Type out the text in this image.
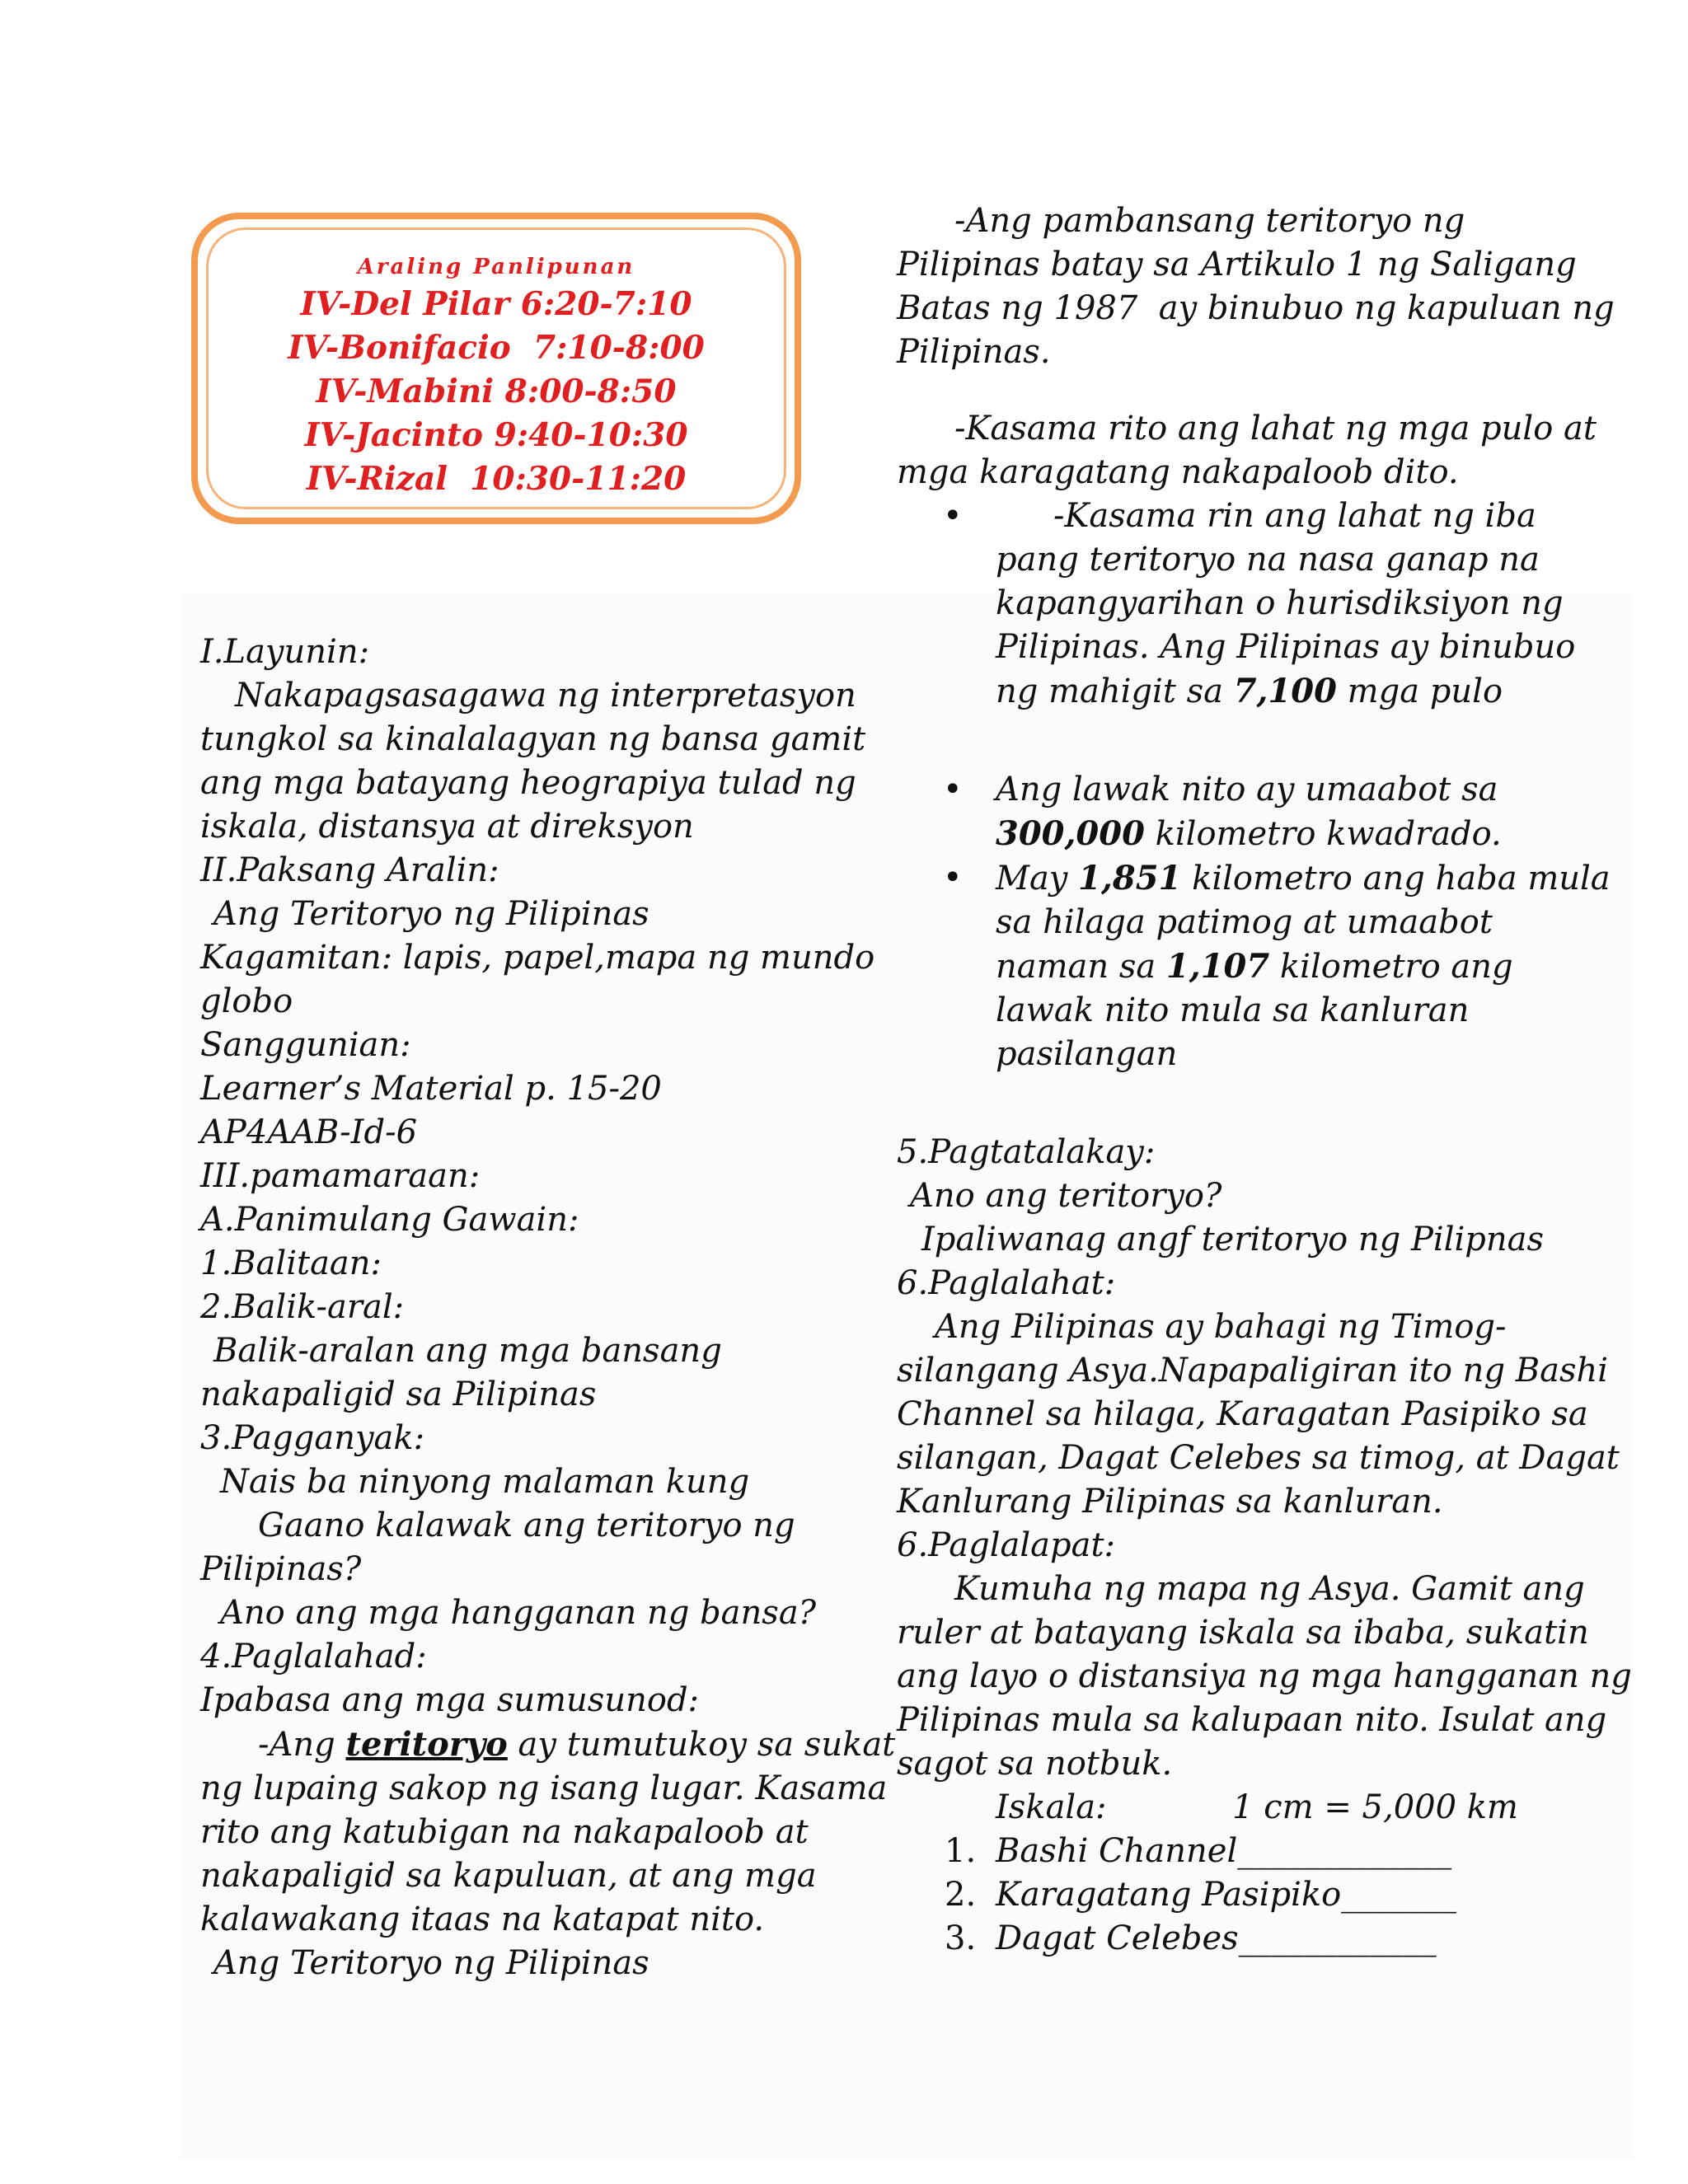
Araling Panlipunan
IV-Del Pilar 6:20-7:10
IV-Bonifacio  7:10-8:00
IV-Mabini 8:00-8:50
IV-Jacinto 9:40-10:30
IV-Rizal  10:30-11:20
I.Layunin:
Nakapagsasagawa ng interpretasyon
tungkol sa kinalalagyan ng bansa gamit
ang mga batayang heograpiya tulad ng
iskala, distansya at direksyon
II.Paksang Aralin:
Ang Teritoryo ng Pilipinas
Kagamitan: lapis, papel,mapa ng mundo
globo
Sanggunian:
Learner’s Material p. 15-20
AP4AAB-Id-6
III.pamamaraan:
A.Panimulang Gawain:
1.Balitaan:
2.Balik-aral:
Balik-aralan ang mga bansang
nakapaligid sa Pilipinas
3.Pagganyak:
Nais ba ninyong malaman kung
Gaano kalawak ang teritoryo ng
Pilipinas?
Ano ang mga hangganan ng bansa?
4.Paglalahad:
Ipabasa ang mga sumusunod:
-Ang teritoryo ay tumutukoy sa sukat
ng lupaing sakop ng isang lugar. Kasama
rito ang katubigan na nakapaloob at
nakapaligid sa kapuluan, at ang mga
kalawakang itaas na katapat nito.
Ang Teritoryo ng Pilipinas
-Ang pambansang teritoryo ng
Pilipinas batay sa Artikulo 1 ng Saligang
Batas ng 1987  ay binubuo ng kapuluan ng
Pilipinas.
-Kasama rito ang lahat ng mga pulo at
mga karagatang nakapaloob dito.
•	-Kasama rin ang lahat ng iba
pang teritoryo na nasa ganap na
kapangyarihan o hurisdiksiyon ng
Pilipinas. Ang Pilipinas ay binubuo
ng mahigit sa 7,100 mga pulo
• Ang lawak nito ay umaabot sa
300,000 kilometro kwadrado.
• May 1,851 kilometro ang haba mula
sa hilaga patimog at umaabot
naman sa 1,107 kilometro ang
lawak nito mula sa kanluran
pasilangan
5.Pagtatalakay:
Ano ang teritoryo?
Ipaliwanag angf teritoryo ng Pilipnas
6.Paglalahat:
Ang Pilipinas ay bahagi ng Timog-
silangang Asya.Napapaligiran ito ng Bashi
Channel sa hilaga, Karagatan Pasipiko sa
silangan, Dagat Celebes sa timog, at Dagat
Kanlurang Pilipinas sa kanluran.
6.Paglalapat:
Kumuha ng mapa ng Asya. Gamit ang
ruler at batayang iskala sa ibaba, sukatin
ang layo o distansiya ng mga hangganan ng
Pilipinas mula sa kalupaan nito. Isulat ang
sagot sa notbuk.
Iskala:            1 cm = 5,000 km
1. Bashi Channel_____________
2. Karagatang Pasipiko_______
3. Dagat Celebes____________
